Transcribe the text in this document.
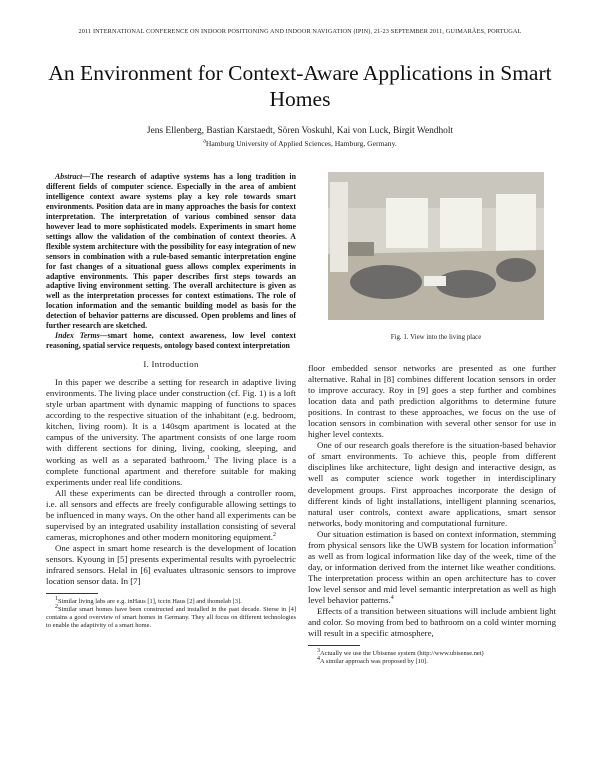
2011 INTERNATIONAL CONFERENCE ON INDOOR POSITIONING AND INDOOR NAVIGATION (IPIN), 21-23 SEPTEMBER 2011, GUIMARÃES, PORTUGAL
An Environment for Context-Aware Applications in Smart Homes
Jens Ellenberg, Bastian Karstaedt, Sören Voskuhl, Kai von Luck, Birgit Wendholt
$^a$Hamburg University of Applied Sciences, Hamburg, Germany.

Abstract—The research of adaptive systems has a long tradition in different fields of computer science. Especially in the area of ambient intelligence context aware systems play a key role towards smart environments. Position data are in many approaches the basis for context interpretation. The interpretation of various combined sensor data however lead to more sophisticated models. Experiments in smart home settings allow the validation of the combination of context theories. A flexible system architecture with the possibility for easy integration of new sensors in combination with a rule-based semantic interpretation engine for fast changes of a situational guess allows complex experiments in adaptive environments. This paper describes first steps towards an adaptive living environment setting. The overall architecture is given as well as the interpretation processes for context estimations. The role of location information and the semantic building model as basis for the detection of behavior patterns are discussed. Open problems and lines of further research are sketched.

Index Terms—smart home, context awareness, low level context reasoning, spatial service requests, ontology based context interpretation

I. Introduction

In this paper we describe a setting for research in adaptive living environments. The living place under construction (cf. Fig. 1) is a loft style urban apartment with dynamic mapping of functions to spaces according to the respective situation of the inhabitant (e.g. bedroom, kitchen, living room). It is a 140sqm apartment is located at the campus of the university. The apartment consists of one large room with different sections for dining, living, cooking, sleeping, and working as well as a separated bathroom.$^1$ The living place is a complete functional apartment and therefore suitable for making experiments under real life conditions.

All these experiments can be directed through a controller room, i.e. all sensors and effects are freely configurable allowing settings to be influenced in many ways. On the other hand all experiments can be supervised by an integrated usability installation consisting of several cameras, microphones and other modern monitoring equipment.$^2$

One aspect in smart home research is the development of location sensors. Kyoung in [5] presents experimental results with pyroelectric infrared sensors. Helal in [6] evaluates ultrasonic sensors to improve location sensor data. In [7]

$^1$Similar living labs are e.g. inHaus [1], tccin Haus [2] and ihomelab [3].

$^2$Similar smart homes have been constructed and installed in the past decade. Sterse in [4] contains a good overview of smart homes in Germany. They all focus on different technologies to enable the adaptivity of a smart home.

Fig. 1. View into the living place

floor embedded sensor networks are presented as one further alternative. Rahal in [8] combines different location sensors in order to improve accuracy. Roy in [9] goes a step further and combines location data and path prediction algorithms to determine future positions. In contrast to these approaches, we focus on the use of location sensors in combination with several other sensor for use in higher level contexts.

One of our research goals therefore is the situation-based behavior of smart environments. To achieve this, people from different disciplines like architecture, light design and interactive design, as well as computer science work together in interdisciplinary development groups. First approaches incorporate the design of different kinds of light installations, intelligent planning scenarios, natural user controls, context aware applications, smart sensor networks, body monitoring and computational furniture.

Our situation estimation is based on context information, stemming from physical sensors like the UWB system for location information$^3$ as well as from logical information like day of the week, time of the day, or information derived from the internet like weather conditions. The interpretation process within an open architecture has to cover low level sensor and mid level semantic interpretation as well as high level behavior patterns.$^4$

Effects of a transition between situations will include ambient light and color. So moving from bed to bathroom on a cold winter morning will result in a specific atmosphere,

$^3$Actually we use the Ubisense system (http://www.ubisense.net)

$^4$A similar approach was proposed by [10].
